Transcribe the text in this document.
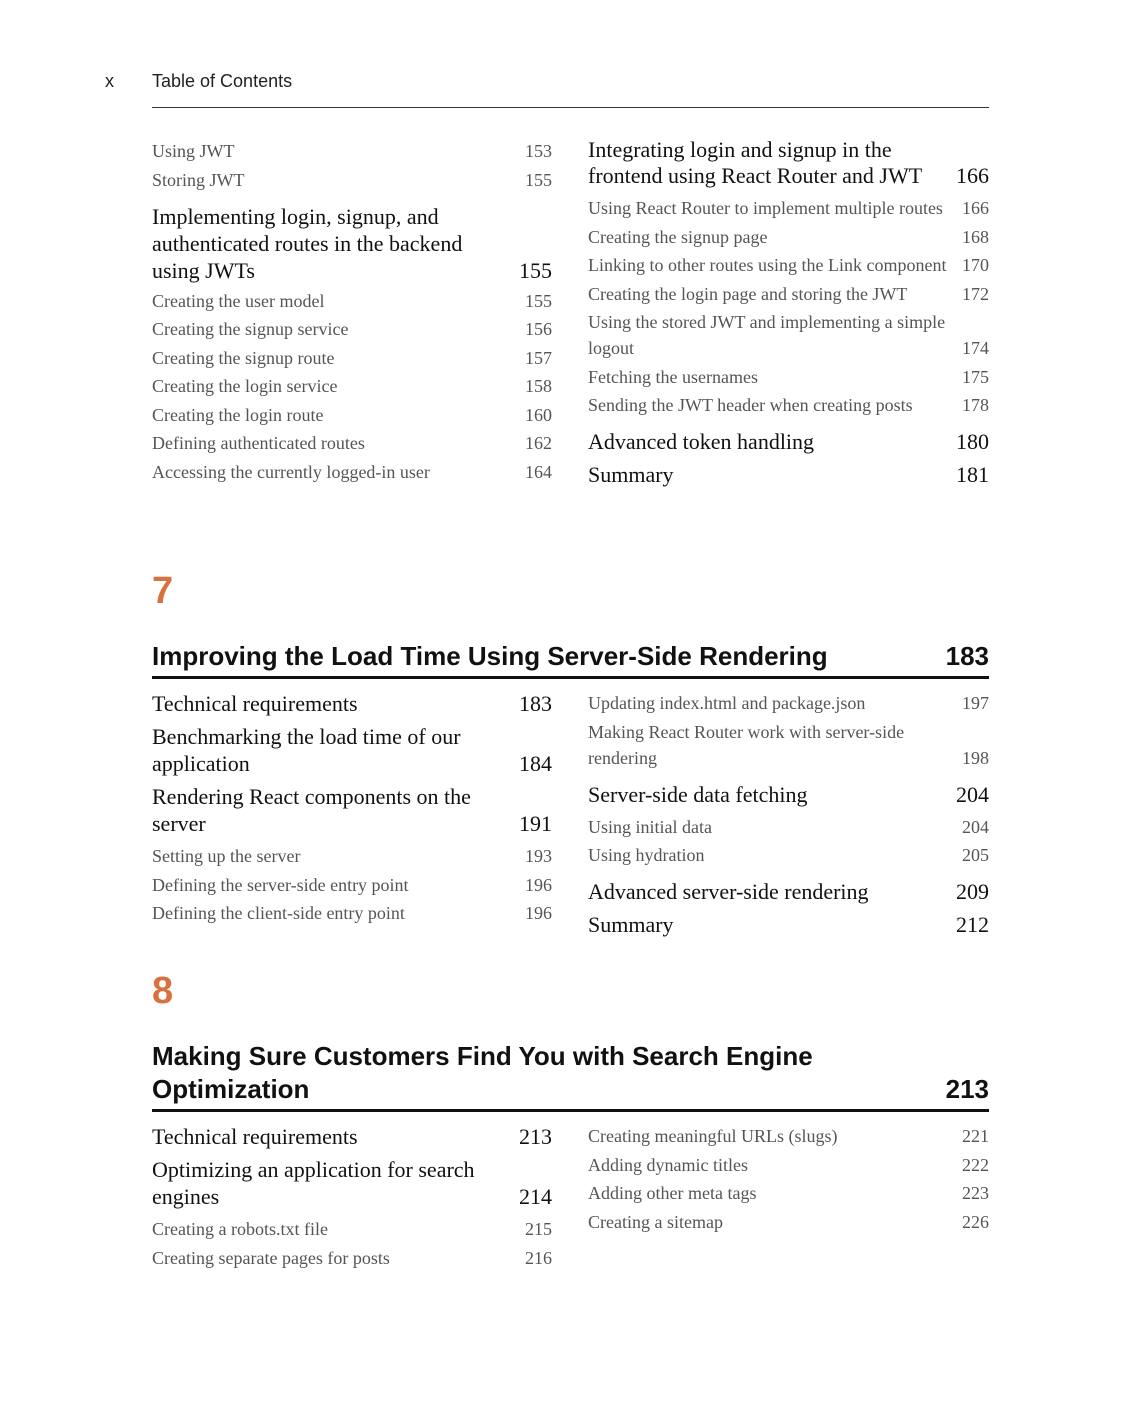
x Table of Contents
Using JWT	153
Storing JWT	155
Implementing login, signup, and authenticated routes in the backend using JWTs	155
Creating the user model	155
Creating the signup service	156
Creating the signup route	157
Creating the login service	158
Creating the login route	160
Defining authenticated routes	162
Accessing the currently logged-in user	164
Integrating login and signup in the frontend using React Router and JWT	166
Using React Router to implement multiple routes	166
Creating the signup page	168
Linking to other routes using the Link component 170
Creating the login page and storing the JWT	172
Using the stored JWT and implementing a simple logout	174
Fetching the usernames	175
Sending the JWT header when creating posts	178
Advanced token handling	180
Summary	181
7
Improving the Load Time Using Server-Side Rendering	183
Technical requirements	183
Benchmarking the load time of our application	184
Rendering React components on the server	191
Setting up the server	193
Defining the server-side entry point	196
Defining the client-side entry point	196
Updating index.html and package.json	197
Making React Router work with server-side rendering	198
Server-side data fetching	204
Using initial data	204
Using hydration	205
Advanced server-side rendering	209
Summary	212
8
Making Sure Customers Find You with Search Engine
Optimization	213
Technical requirements	213
Optimizing an application for search engines	214
Creating a robots.txt file	215
Creating separate pages for posts	216
Creating meaningful URLs (slugs)	221
Adding dynamic titles	222
Adding other meta tags	223
Creating a sitemap	226
